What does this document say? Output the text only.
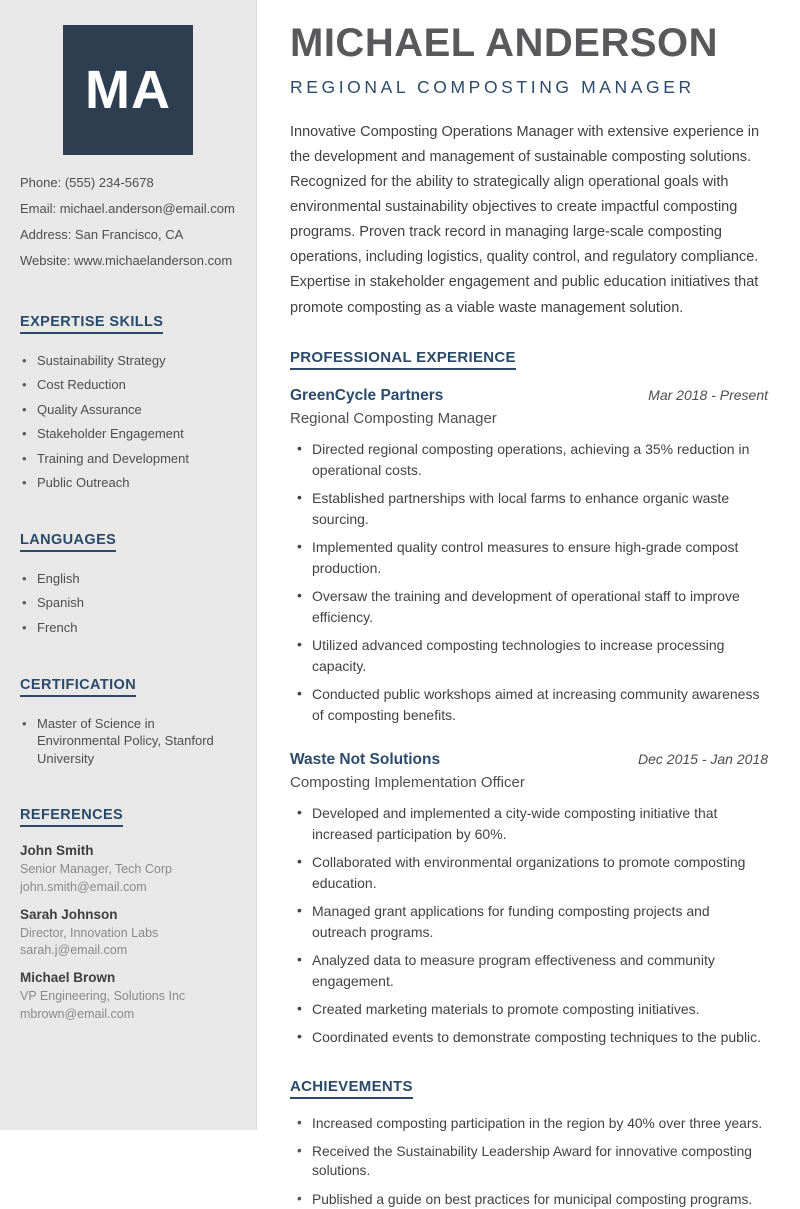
MA

Phone: (555) 234-5678

Email: michael.anderson@email.com

Address: San Francisco, CA

Website: www.michaelanderson.com

EXPERTISE SKILLS
• Sustainability Strategy
• Cost Reduction
• Quality Assurance
• Stakeholder Engagement
• Training and Development
• Public Outreach
LANGUAGES
• English
• Spanish
• French
CERTIFICATION
• Master of Science in Environmental Policy, Stanford University
REFERENCES
John Smith
Senior Manager, Tech Corp
john.smith@email.com
Sarah Johnson
Director, Innovation Labs
sarah.j@email.com
Michael Brown
VP Engineering, Solutions Inc
mbrown@email.com
MICHAEL ANDERSON
REGIONAL COMPOSTING MANAGER

Innovative Composting Operations Manager with extensive experience in the development and management of sustainable composting solutions. Recognized for the ability to strategically align operational goals with environmental sustainability objectives to create impactful composting programs. Proven track record in managing large-scale composting operations, including logistics, quality control, and regulatory compliance. Expertise in stakeholder engagement and public education initiatives that promote composting as a viable waste management solution.

PROFESSIONAL EXPERIENCE
GreenCycle Partners	Mar 2018 - Present
Regional Composting Manager
• Directed regional composting operations, achieving a 35% reduction in operational costs.
• Established partnerships with local farms to enhance organic waste sourcing.
• Implemented quality control measures to ensure high-grade compost production.
• Oversaw the training and development of operational staff to improve efficiency.
• Utilized advanced composting technologies to increase processing capacity.
• Conducted public workshops aimed at increasing community awareness of composting benefits.
Waste Not Solutions	Dec 2015 - Jan 2018
Composting Implementation Officer
• Developed and implemented a city-wide composting initiative that increased participation by 60%.
• Collaborated with environmental organizations to promote composting education.
• Managed grant applications for funding composting projects and outreach programs.
• Analyzed data to measure program effectiveness and community engagement.
• Created marketing materials to promote composting initiatives.
• Coordinated events to demonstrate composting techniques to the public.
ACHIEVEMENTS
• Increased composting participation in the region by 40% over three years.
• Received the Sustainability Leadership Award for innovative composting solutions.
• Published a guide on best practices for municipal composting programs.
